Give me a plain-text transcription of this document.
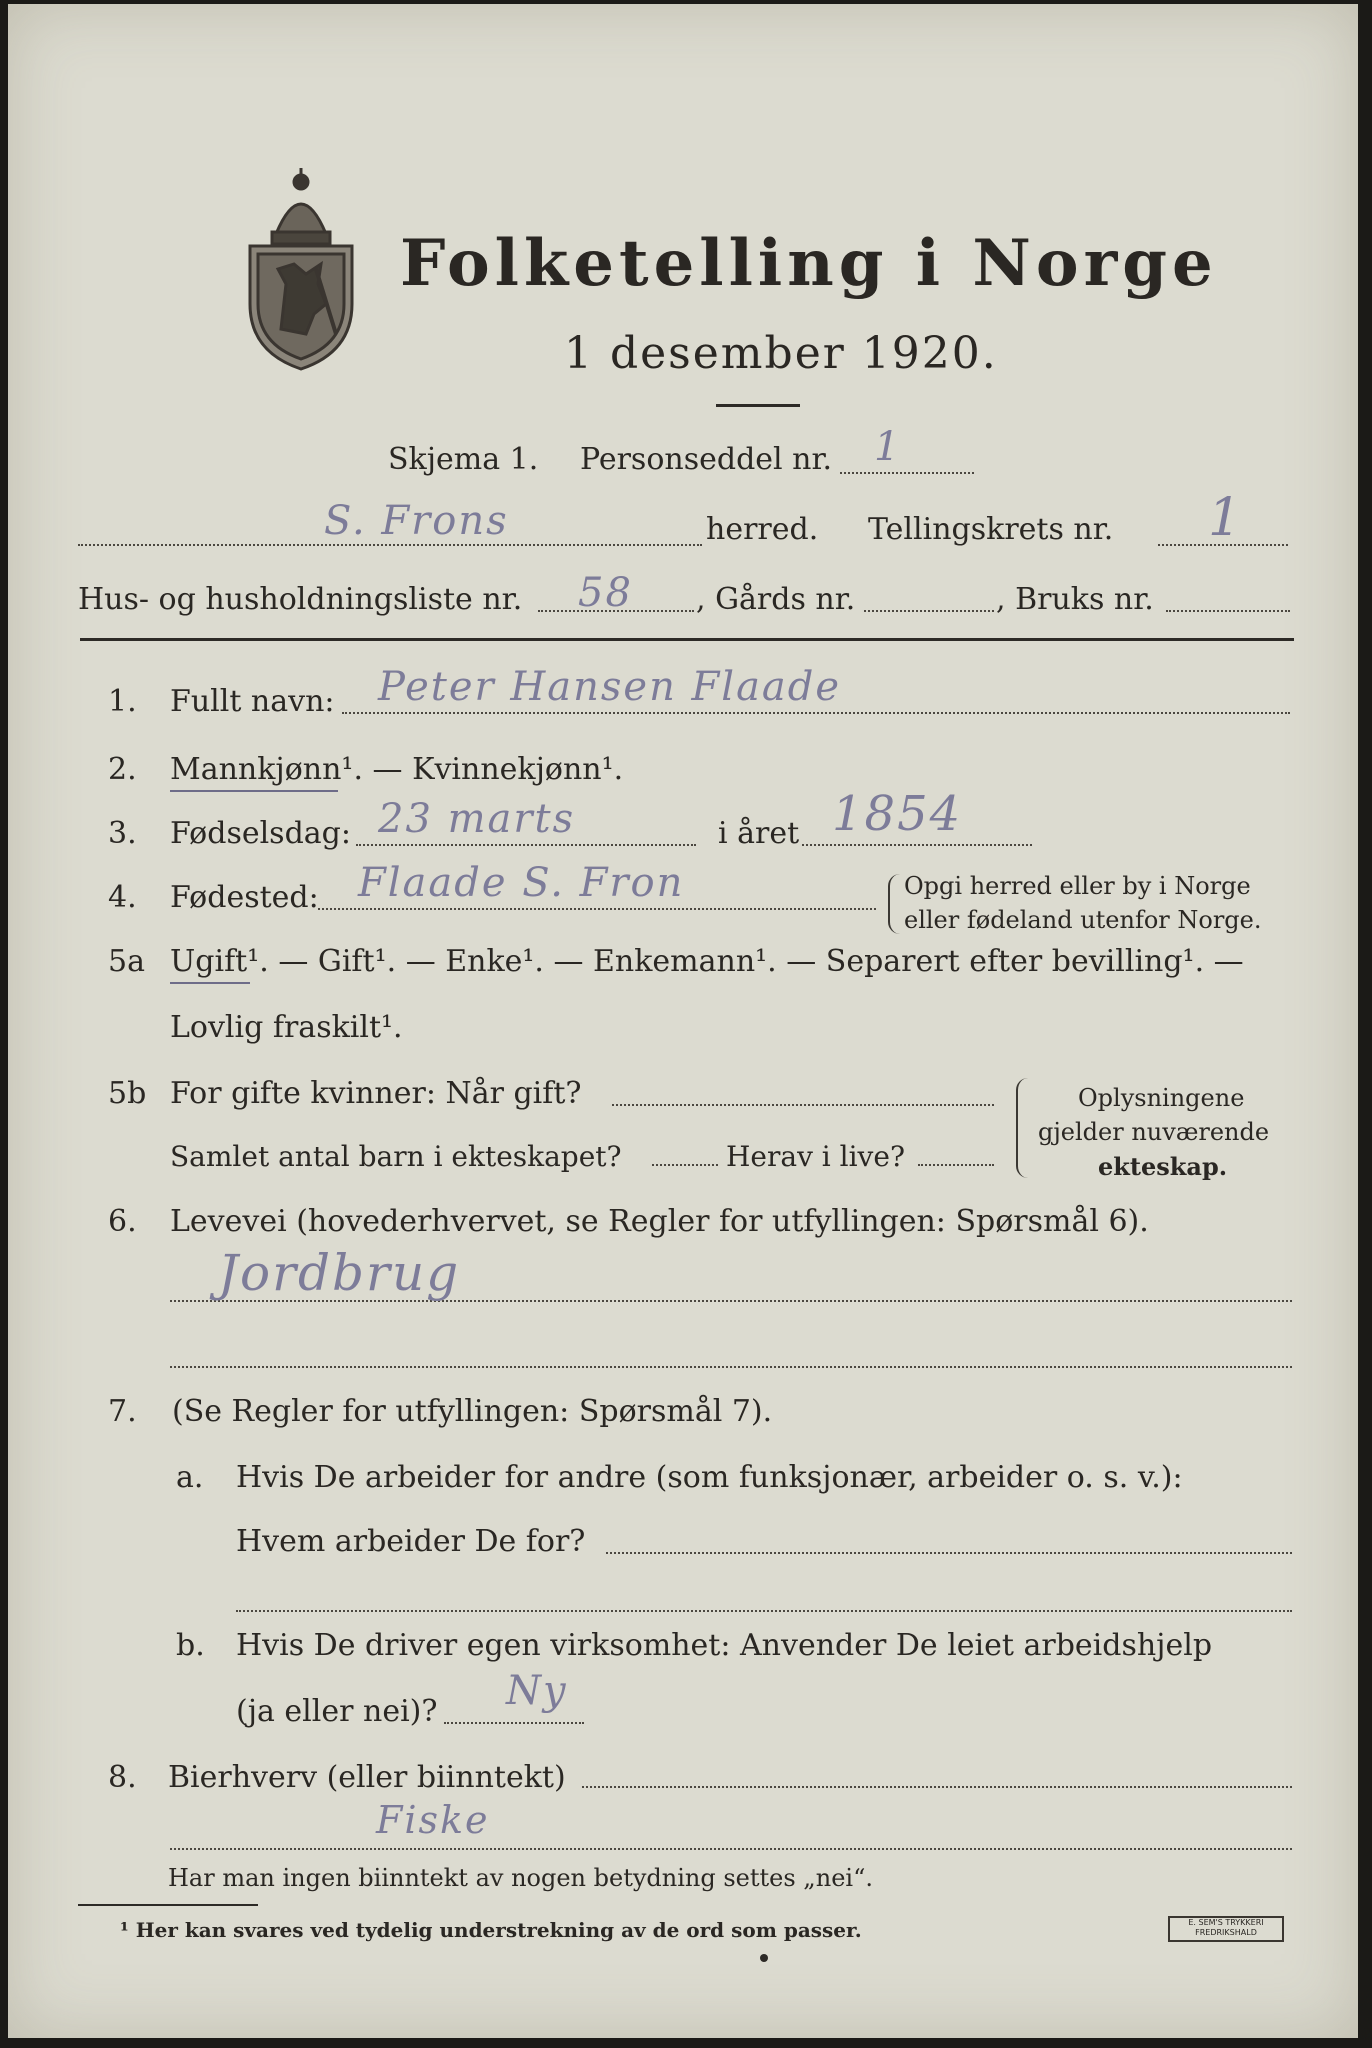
Folketelling i Norge
1 desember 1920.
Skjema 1. Personseddel nr. 1
S. Frons	herred. Tellingskrets nr. 1
Hus- og husholdningsliste nr. 58 , Gårds nr.	, Bruks nr.
1. Fullt navn: Peter Hansen Flaade
2. Mannkjønn¹. — Kvinnekjønn¹.
3. Fødselsdag: 23 marts	i året 1854
4. Fødested: Flaade S. Fron	Opgi herred eller by i Norge
eller fødeland utenfor Norge.
5a Ugift¹. — Gift¹. — Enke¹. — Enkemann¹. — Separert efter bevilling¹. —
Lovlig fraskilt¹.
5b For gifte kvinner: Når gift?
Samlet antal barn i ekteskapet?	Herav i live?
Oplysningene
gjelder nuværende
ekteskap.
6. Levevei (hovederhvervet, se Regler for utfyllingen: Spørsmål 6).
Jordbrug
7. (Se Regler for utfyllingen: Spørsmål 7).
a. Hvis De arbeider for andre (som funksjonær, arbeider o. s. v.):
Hvem arbeider De for?
b. Hvis De driver egen virksomhet: Anvender De leiet arbeidshjelp
(ja eller nei)? Ny
8. Bierhverv (eller biinntekt)
Fiske
Har man ingen biinntekt av nogen betydning settes „nei“.
¹ Her kan svares ved tydelig understrekning av de ord som passer.	E. SEM'S TRYKKERI FREDRIKSHALD
